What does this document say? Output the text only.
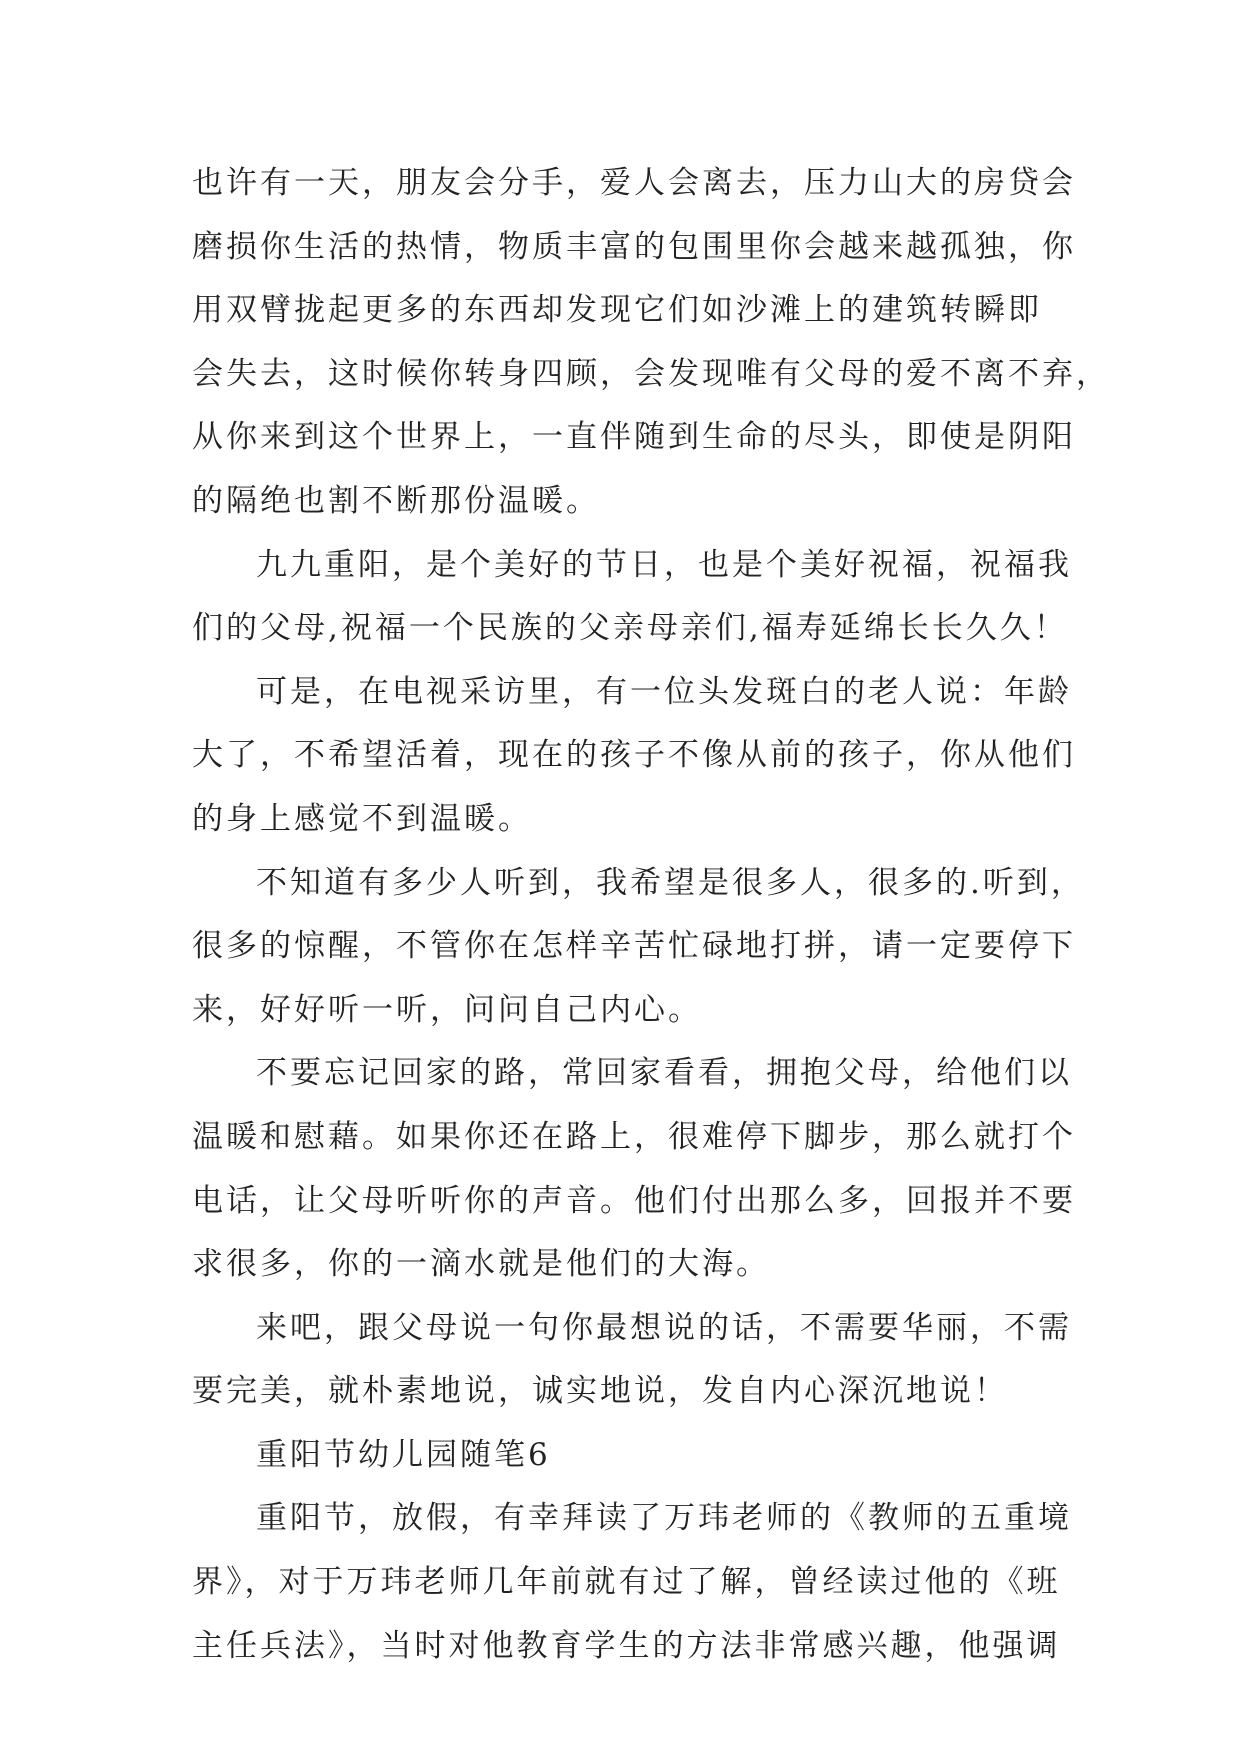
也许有一天，朋友会分手，爱人会离去，压力山大的房贷会
磨损你生活的热情，物质丰富的包围里你会越来越孤独，你
用双臂拢起更多的东西却发现它们如沙滩上的建筑转瞬即
会失去，这时候你转身四顾，会发现唯有父母的爱不离不弃，
从你来到这个世界上，一直伴随到生命的尽头，即使是阴阳
的隔绝也割不断那份温暖。

九九重阳，是个美好的节日，也是个美好祝福，祝福我
们的父母,祝福一个民族的父亲母亲们,福寿延绵长长久久！

可是，在电视采访里，有一位头发斑白的老人说：年龄
大了，不希望活着，现在的孩子不像从前的孩子，你从他们
的身上感觉不到温暖。

不知道有多少人听到，我希望是很多人，很多的.听到，
很多的惊醒，不管你在怎样辛苦忙碌地打拼，请一定要停下
来，好好听一听，问问自己内心。

不要忘记回家的路，常回家看看，拥抱父母，给他们以
温暖和慰藉。如果你还在路上，很难停下脚步，那么就打个
电话，让父母听听你的声音。他们付出那么多，回报并不要
求很多，你的一滴水就是他们的大海。

来吧，跟父母说一句你最想说的话，不需要华丽，不需
要完美，就朴素地说，诚实地说，发自内心深沉地说！

重阳节幼儿园随笔6

重阳节，放假，有幸拜读了万玮老师的《教师的五重境
界》，对于万玮老师几年前就有过了解，曾经读过他的《班
主任兵法》，当时对他教育学生的方法非常感兴趣，他强调
